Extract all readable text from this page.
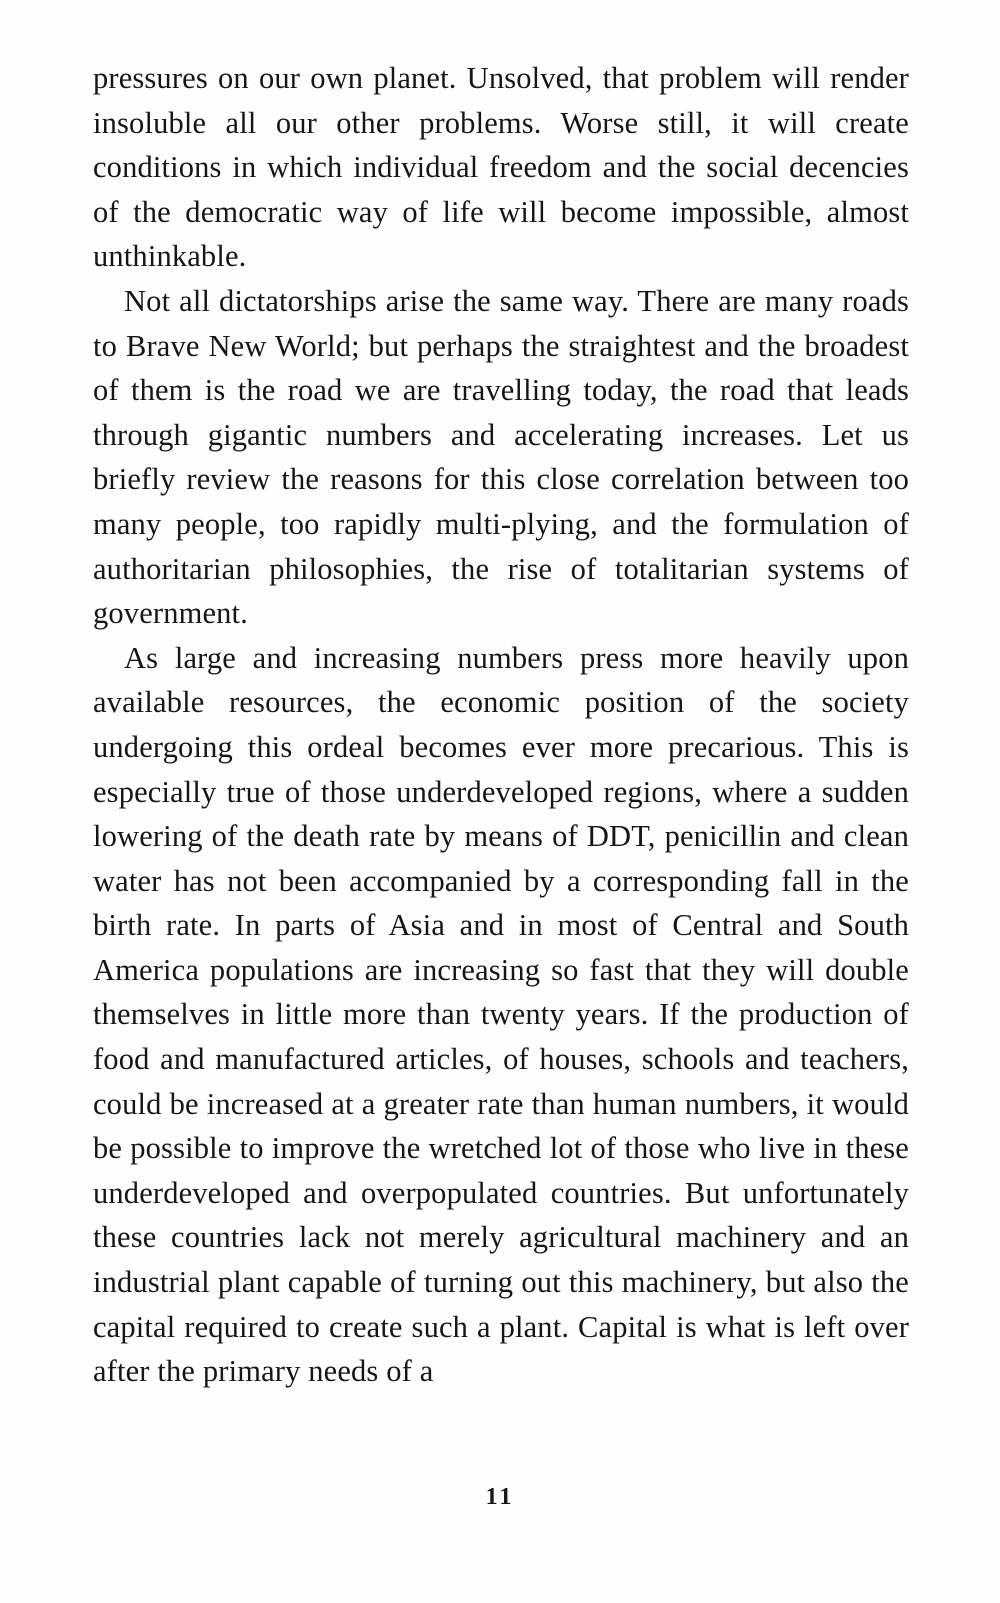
pressures on our own planet. Unsolved, that problem will render insoluble all our other problems. Worse still, it will create conditions in which individual freedom and the social decencies of the democratic way of life will become impossible, almost unthinkable.

Not all dictatorships arise the same way. There are many roads to Brave New World; but perhaps the straightest and the broadest of them is the road we are travelling today, the road that leads through gigantic numbers and accelerating increases. Let us briefly review the reasons for this close correlation between too many people, too rapidly multi-plying, and the formulation of authoritarian philosophies, the rise of totalitarian systems of government.

As large and increasing numbers press more heavily upon available resources, the economic position of the society undergoing this ordeal becomes ever more precarious. This is especially true of those underdeveloped regions, where a sudden lowering of the death rate by means of DDT, penicillin and clean water has not been accompanied by a corresponding fall in the birth rate. In parts of Asia and in most of Central and South America populations are increasing so fast that they will double themselves in little more than twenty years. If the production of food and manufactured articles, of houses, schools and teachers, could be increased at a greater rate than human numbers, it would be possible to improve the wretched lot of those who live in these underdeveloped and overpopulated countries. But unfortunately these countries lack not merely agricultural machinery and an industrial plant capable of turning out this machinery, but also the capital required to create such a plant. Capital is what is left over after the primary needs of a

11
